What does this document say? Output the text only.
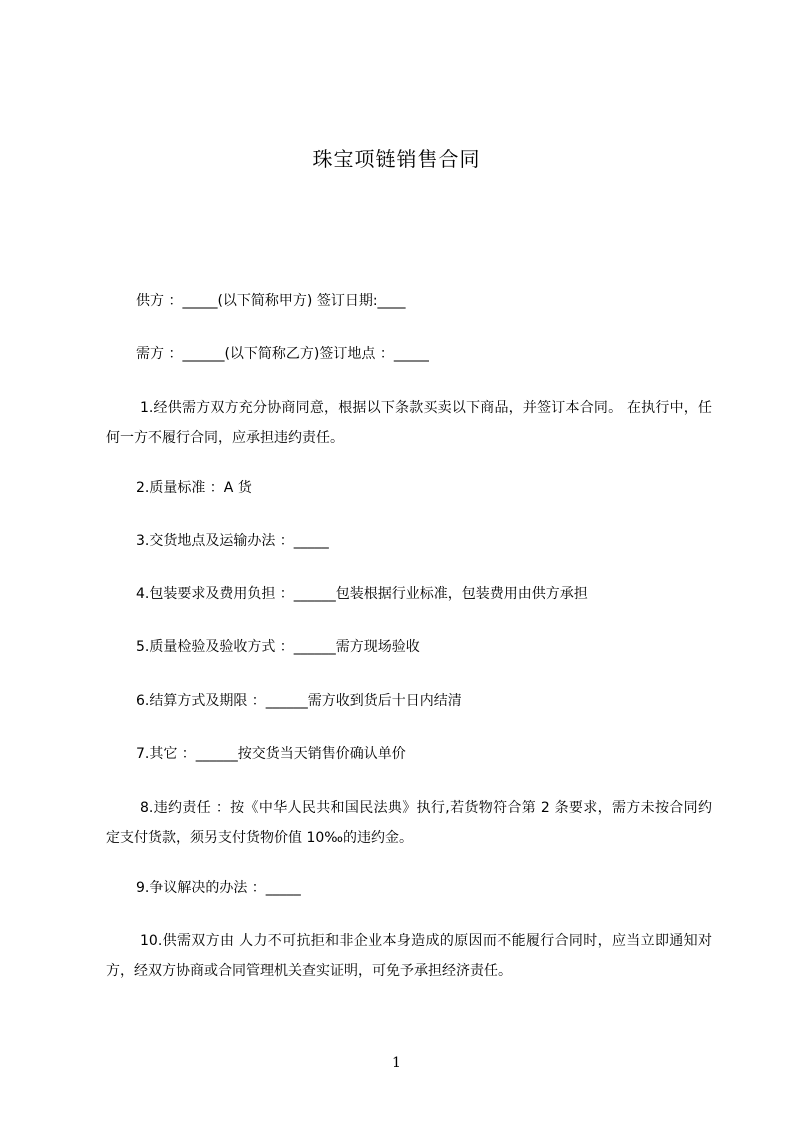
珠宝项链销售合同
供方 ：_____(以下简称甲方) 签订日期:____
需方 ：______(以下简称乙方)签订地点 ：_____
1.经供需方双方充分协商同意，根据以下条款买卖以下商品，并签订本合同。 在执行中，任何一方不履行合同，应承担违约责任。
2.质量标准 ：A 货
3.交货地点及运输办法 ：_____
4.包装要求及费用负担 ：______包装根据行业标准，包装费用由供方承担
5.质量检验及验收方式 ：______需方现场验收
6.结算方式及期限 ：______需方收到货后十日内结清
7.其它 ：______按交货当天销售价确认单价
8.违约责任 ：按《中华人民共和国民法典》执行,若货物符合第 2 条要求，需方未按合同约定支付货款，须另支付货物价值 10‰的违约金。
9.争议解决的办法 ：_____
10.供需双方由 人力不可抗拒和非企业本身造成的原因而不能履行合同时，应当立即通知对方，经双方协商或合同管理机关查实证明，可免予承担经济责任。
1
